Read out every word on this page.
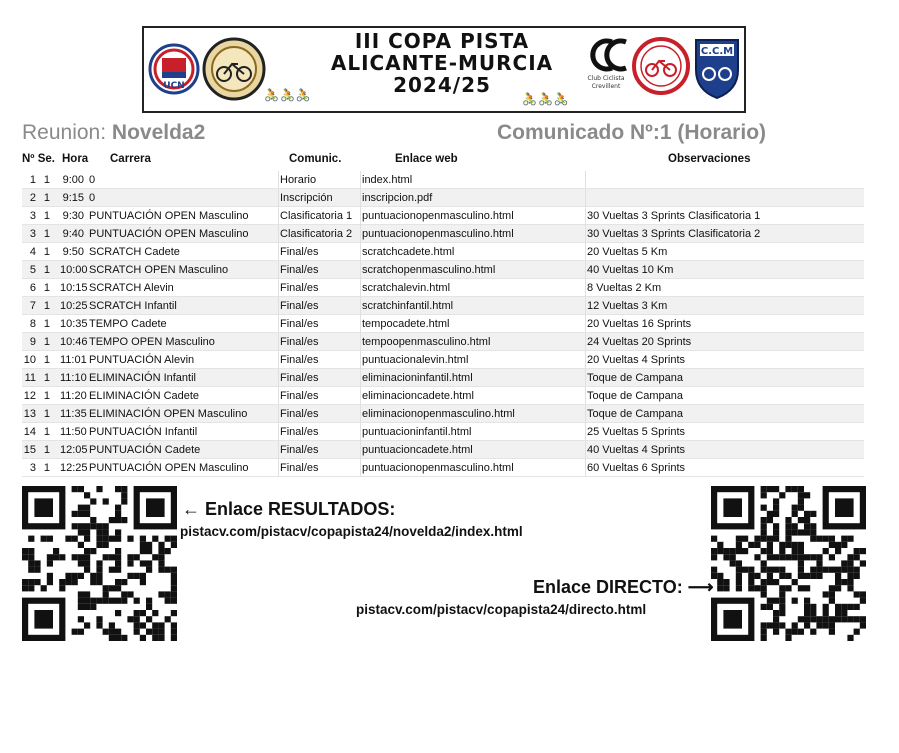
UCN
III COPA PISTA
ALICANTE-MURCIA
2024/25
🚴🚴🚴	🚴🚴🚴
Club Ciclista
Crevillent
C.C.M
Reunion: Novelda2	Comunicado Nº:1 (Horario)
Nº Se. Hora Carrera	Comunic.	Enlace web	Observaciones
1 1 9:00 0	Horario	index.html
2 1 9:15 0	Inscripción	inscripcion.pdf
3 1 9:30 PUNTUACIÓN OPEN Masculino	Clasificatoria 1 puntuacionopenmasculino.html	30 Vueltas 3 Sprints Clasificatoria 1
3 1 9:40 PUNTUACIÓN OPEN Masculino	Clasificatoria 2 puntuacionopenmasculino.html	30 Vueltas 3 Sprints Clasificatoria 2
4 1 9:50 SCRATCH Cadete	Final/es	scratchcadete.html	20 Vueltas 5 Km
5 1 10:00 SCRATCH OPEN Masculino	Final/es	scratchopenmasculino.html	40 Vueltas 10 Km
6 1 10:15 SCRATCH Alevin	Final/es	scratchalevin.html	8 Vueltas 2 Km
7 1 10:25 SCRATCH Infantil	Final/es	scratchinfantil.html	12 Vueltas 3 Km
8 1 10:35 TEMPO Cadete	Final/es	tempocadete.html	20 Vueltas 16 Sprints
9 1 10:46 TEMPO OPEN Masculino	Final/es	tempoopenmasculino.html	24 Vueltas 20 Sprints
10 1 11:01 PUNTUACIÓN Alevin	Final/es	puntuacionalevin.html	20 Vueltas 4 Sprints
11 1 11:10 ELIMINACIÓN Infantil	Final/es	eliminacioninfantil.html	Toque de Campana
12 1 11:20 ELIMINACIÓN Cadete	Final/es	eliminacioncadete.html	Toque de Campana
13 1 11:35 ELIMINACIÓN OPEN Masculino	Final/es	eliminacionopenmasculino.html	Toque de Campana
14 1 11:50 PUNTUACIÓN Infantil	Final/es	puntuacioninfantil.html	25 Vueltas 5 Sprints
15 1 12:05 PUNTUACIÓN Cadete	Final/es	puntuacioncadete.html	40 Vueltas 4 Sprints
3 1 12:25 PUNTUACIÓN OPEN Masculino	Final/es	puntuacionopenmasculino.html	60 Vueltas 6 Sprints
← Enlace RESULTADOS:
pistacv.com/pistacv/copapista24/novelda2/index.html
Enlace DIRECTO: ⟶
pistacv.com/pistacv/copapista24/directo.html
